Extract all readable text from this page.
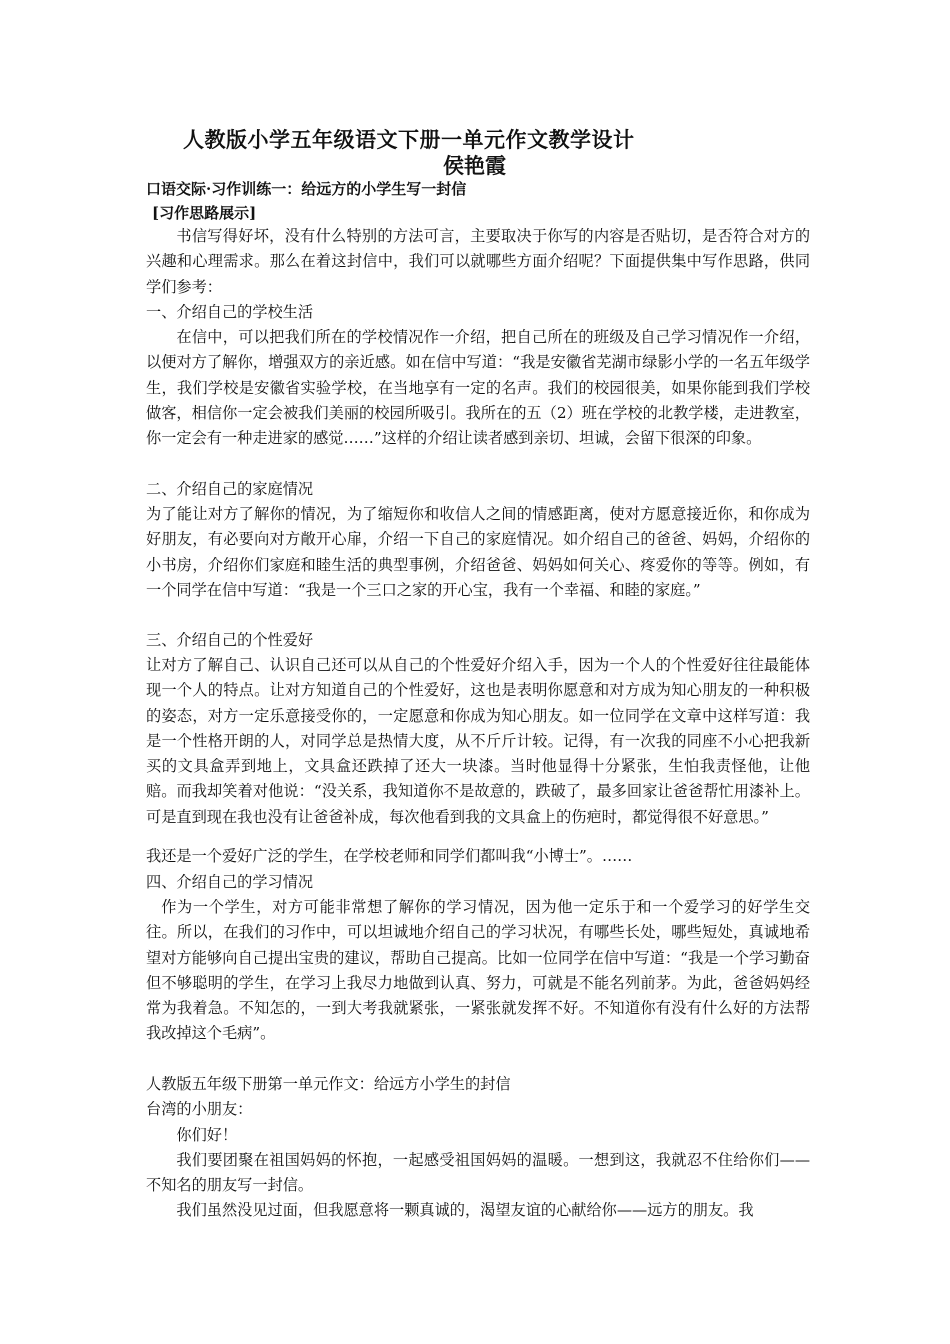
人教版小学五年级语文下册一单元作文教学设计
侯艳霞
口语交际·习作训练一：给远方的小学生写一封信
[习作思路展示]

书信写得好坏，没有什么特别的方法可言，主要取决于你写的内容是否贴切，是否符合对方的兴趣和心理需求。那么在着这封信中，我们可以就哪些方面介绍呢？下面提供集中写作思路，供同学们参考：

一、介绍自己的学校生活

在信中，可以把我们所在的学校情况作一介绍，把自己所在的班级及自己学习情况作一介绍，以便对方了解你，增强双方的亲近感。如在信中写道：“我是安徽省芜湖市绿影小学的一名五年级学生，我们学校是安徽省实验学校，在当地享有一定的名声。我们的校园很美，如果你能到我们学校做客，相信你一定会被我们美丽的校园所吸引。我所在的五（2）班在学校的北教学楼，走进教室，你一定会有一种走进家的感觉……”这样的介绍让读者感到亲切、坦诚，会留下很深的印象。

二、介绍自己的家庭情况

为了能让对方了解你的情况，为了缩短你和收信人之间的情感距离，使对方愿意接近你，和你成为好朋友，有必要向对方敞开心扉，介绍一下自己的家庭情况。如介绍自己的爸爸、妈妈，介绍你的小书房，介绍你们家庭和睦生活的典型事例，介绍爸爸、妈妈如何关心、疼爱你的等等。例如，有一个同学在信中写道：“我是一个三口之家的开心宝，我有一个幸福、和睦的家庭。”

三、介绍自己的个性爱好

让对方了解自己、认识自己还可以从自己的个性爱好介绍入手，因为一个人的个性爱好往往最能体现一个人的特点。让对方知道自己的个性爱好，这也是表明你愿意和对方成为知心朋友的一种积极的姿态，对方一定乐意接受你的，一定愿意和你成为知心朋友。如一位同学在文章中这样写道：我是一个性格开朗的人，对同学总是热情大度，从不斤斤计较。记得，有一次我的同座不小心把我新买的文具盒弄到地上，文具盒还跌掉了还大一块漆。当时他显得十分紧张，生怕我责怪他，让他赔。而我却笑着对他说：“没关系，我知道你不是故意的，跌破了，最多回家让爸爸帮忙用漆补上。可是直到现在我也没有让爸爸补成，每次他看到我的文具盒上的伤疤时，都觉得很不好意思。”

我还是一个爱好广泛的学生，在学校老师和同学们都叫我“小博士”。……

四、介绍自己的学习情况

作为一个学生，对方可能非常想了解你的学习情况，因为他一定乐于和一个爱学习的好学生交往。所以，在我们的习作中，可以坦诚地介绍自己的学习状况，有哪些长处，哪些短处，真诚地希望对方能够向自己提出宝贵的建议，帮助自己提高。比如一位同学在信中写道：“我是一个学习勤奋但不够聪明的学生，在学习上我尽力地做到认真、努力，可就是不能名列前茅。为此，爸爸妈妈经常为我着急。不知怎的，一到大考我就紧张，一紧张就发挥不好。不知道你有没有什么好的方法帮我改掉这个毛病”。

人教版五年级下册第一单元作文：给远方小学生的封信

台湾的小朋友：

你们好！

我们要团聚在祖国妈妈的怀抱，一起感受祖国妈妈的温暖。一想到这，我就忍不住给你们——不知名的朋友写一封信。

我们虽然没见过面，但我愿意将一颗真诚的，渴望友谊的心献给你——远方的朋友。我
